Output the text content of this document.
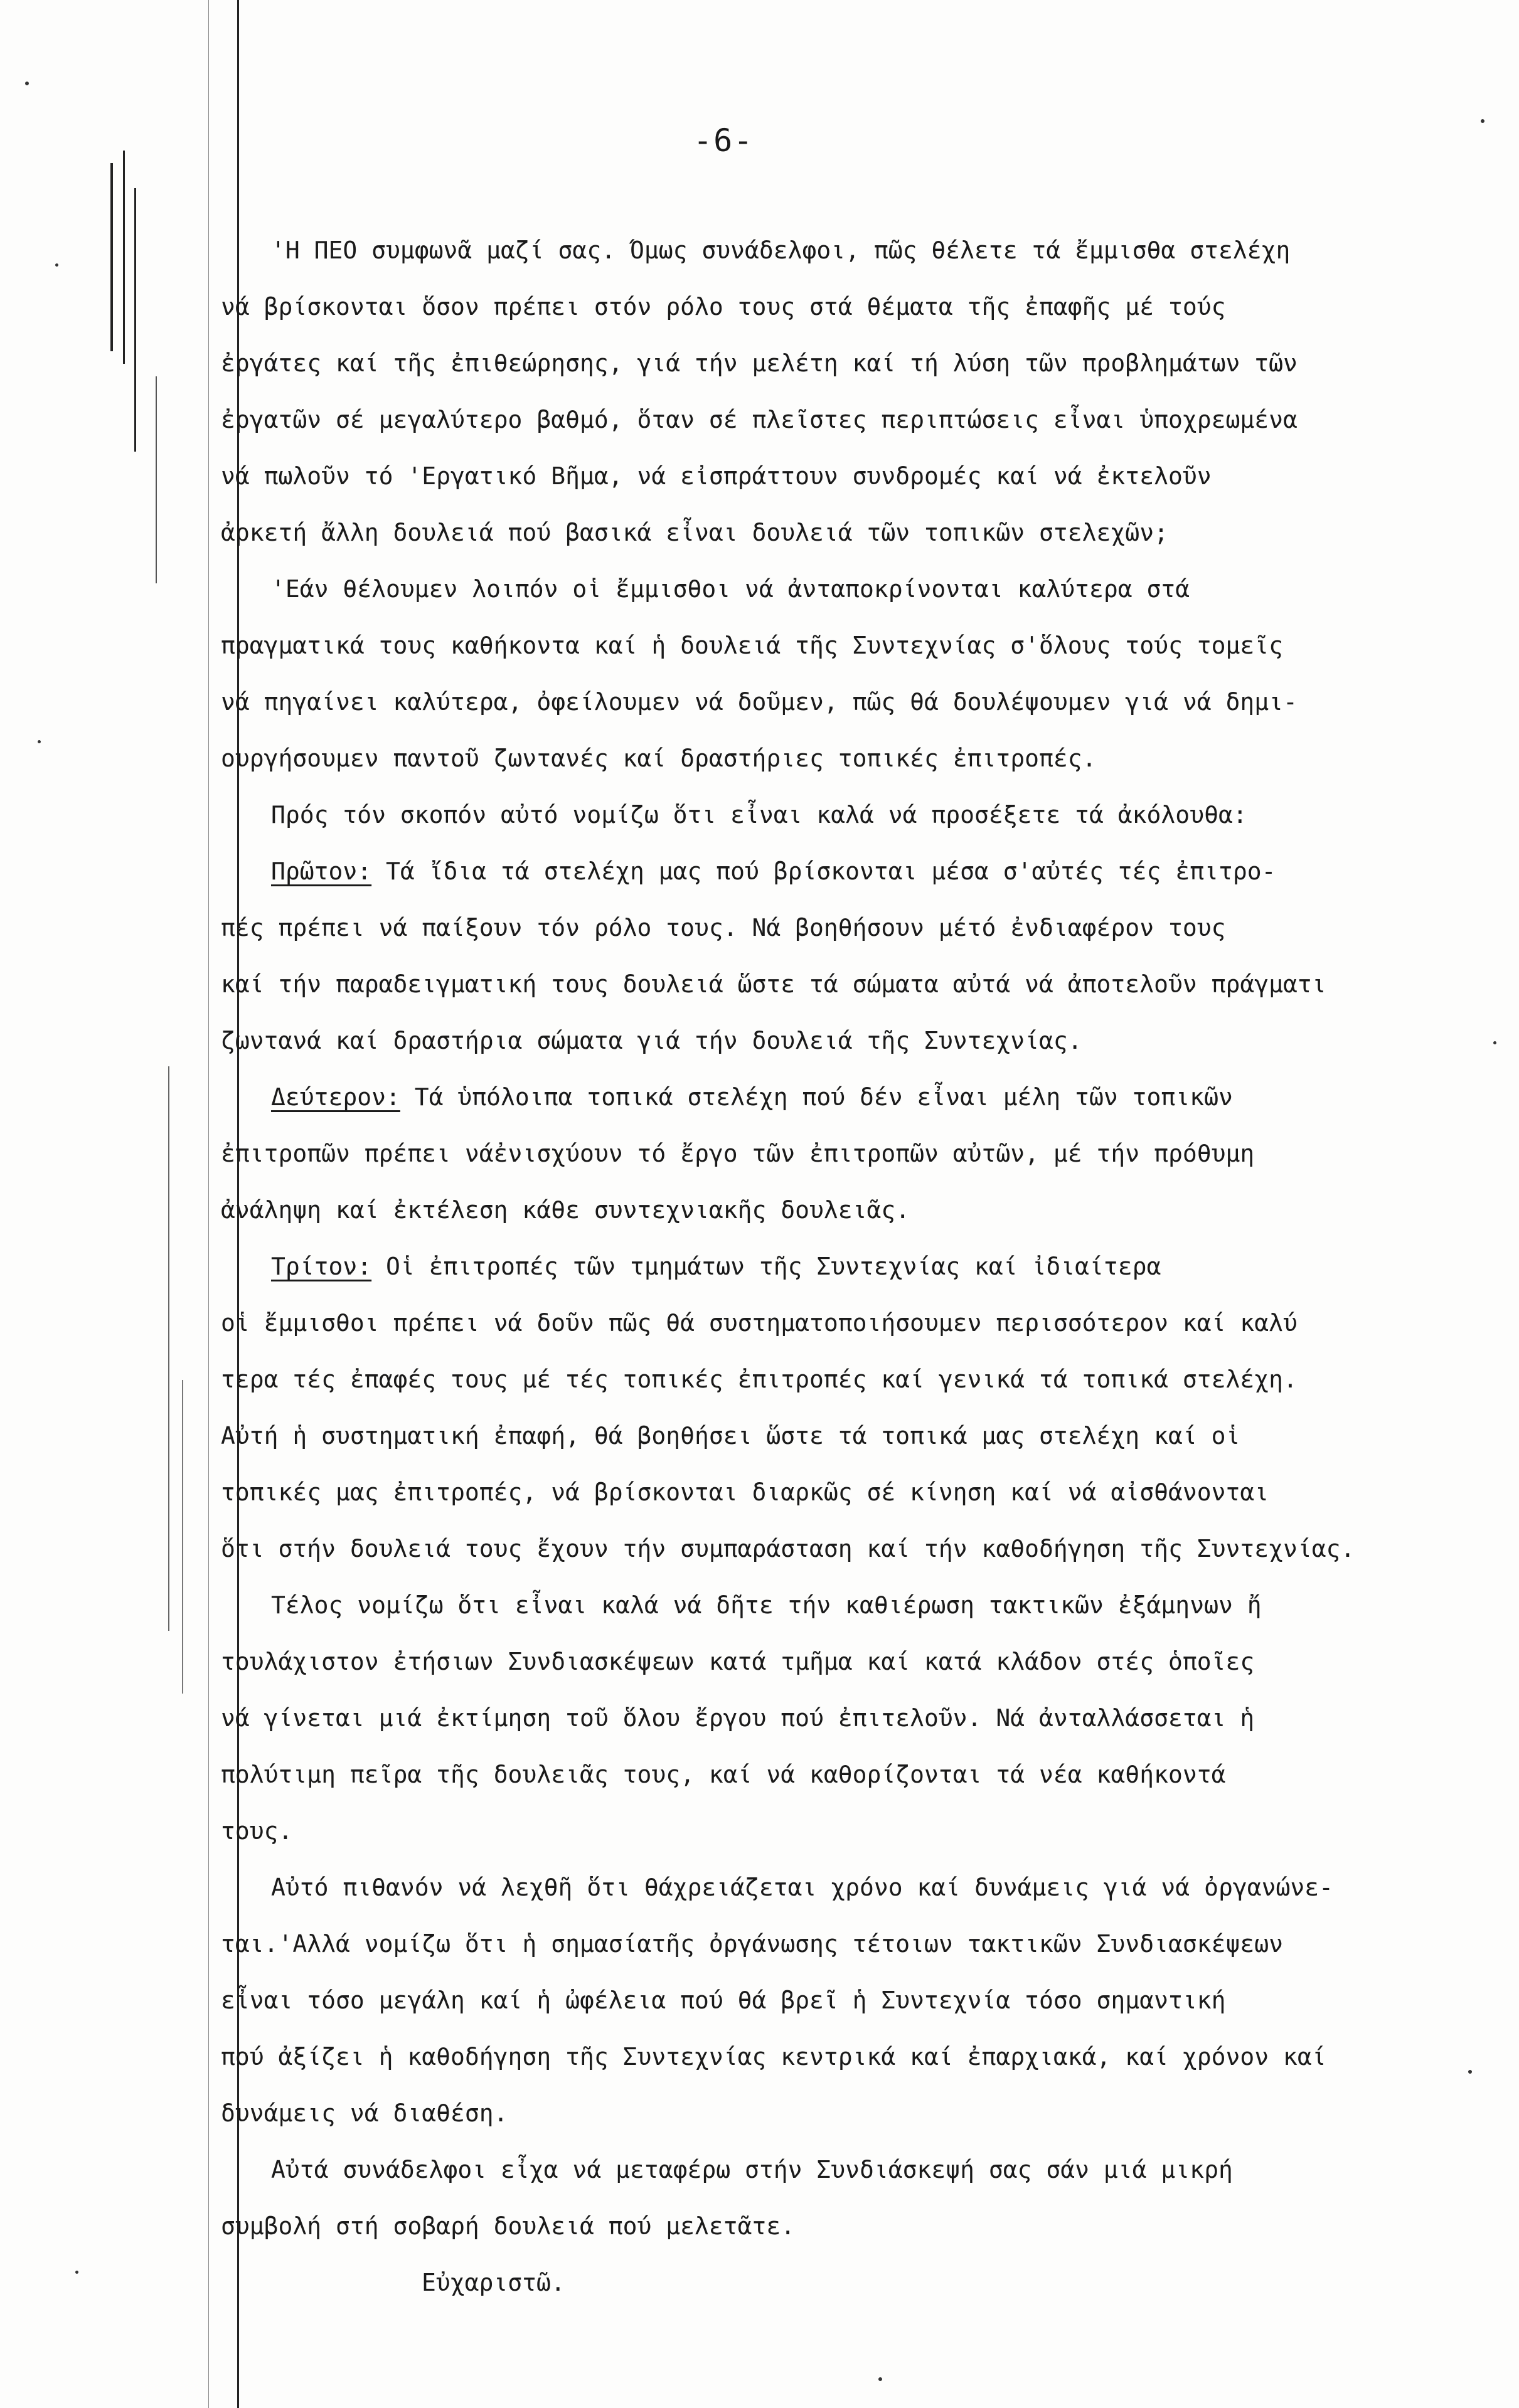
-6-
'Η ΠΕΟ συμφωνᾶ μαζί σας. Όμως συνάδελφοι, πῶς θέλετε τά ἔμμισθα στελέχη
νά βρίσκονται ὅσον πρέπει στόν ρόλο τους στά θέματα τῆς ἐπαφῆς μέ τούς
ἐργάτες καί τῆς ἐπιθεώρησης, γιά τήν μελέτη καί τή λύση τῶν προβλημάτων τῶν
ἐργατῶν σέ μεγαλύτερο βαθμό, ὅταν σέ πλεῖστες περιπτώσεις εἶναι ὑποχρεωμένα
νά πωλοῦν τό 'Εργατικό Βῆμα, νά εἰσπράττουν συνδρομές καί νά ἐκτελοῦν
ἀρκετή ἄλλη δουλειά πού βασικά εἶναι δουλειά τῶν τοπικῶν στελεχῶν;
'Εάν θέλουμεν λοιπόν οἱ ἔμμισθοι νά ἀνταποκρίνονται καλύτερα στά
πραγματικά τους καθήκοντα καί ἡ δουλειά τῆς Συντεχνίας σ'ὅλους τούς τομεῖς
νά πηγαίνει καλύτερα, ὀφείλουμεν νά δοῦμεν, πῶς θά δουλέψουμεν γιά νά δημι-
ουργήσουμεν παντοῦ ζωντανές καί δραστήριες τοπικές ἐπιτροπές.
Πρός τόν σκοπόν αὐτό νομίζω ὅτι εἶναι καλά νά προσέξετε τά ἀκόλουθα:
Πρῶτον: Τά ἴδια τά στελέχη μας πού βρίσκονται μέσα σ'αὐτές τές ἐπιτρο-
πές πρέπει νά παίξουν τόν ρόλο τους. Νά βοηθήσουν μέτό ἐνδιαφέρον τους
καί τήν παραδειγματική τους δουλειά ὥστε τά σώματα αὐτά νά ἀποτελοῦν πράγματι
ζωντανά καί δραστήρια σώματα γιά τήν δουλειά τῆς Συντεχνίας.
Δεύτερον: Τά ὑπόλοιπα τοπικά στελέχη πού δέν εἶναι μέλη τῶν τοπικῶν
ἐπιτροπῶν πρέπει νάἐνισχύουν τό ἔργο τῶν ἐπιτροπῶν αὐτῶν, μέ τήν πρόθυμη
ἀνάληψη καί ἐκτέλεση κάθε συντεχνιακῆς δουλειᾶς.
Τρίτον: Οἱ ἐπιτροπές τῶν τμημάτων τῆς Συντεχνίας καί ἰδιαίτερα
οἱ ἔμμισθοι πρέπει νά δοῦν πῶς θά συστηματοποιήσουμεν περισσότερον καί καλύ
τερα τές ἐπαφές τους μέ τές τοπικές ἐπιτροπές καί γενικά τά τοπικά στελέχη.
Αὐτή ἡ συστηματική ἐπαφή, θά βοηθήσει ὥστε τά τοπικά μας στελέχη καί οἱ
τοπικές μας ἐπιτροπές, νά βρίσκονται διαρκῶς σέ κίνηση καί νά αἰσθάνονται
ὅτι στήν δουλειά τους ἔχουν τήν συμπαράσταση καί τήν καθοδήγηση τῆς Συντεχνίας.
Τέλος νομίζω ὅτι εἶναι καλά νά δῆτε τήν καθιέρωση τακτικῶν ἐξάμηνων ἤ
τουλάχιστον ἐτήσιων Συνδιασκέψεων κατά τμῆμα καί κατά κλάδον στές ὁποῖες
νά γίνεται μιά ἐκτίμηση τοῦ ὅλου ἔργου πού ἐπιτελοῦν. Νά ἀνταλλάσσεται ἡ
πολύτιμη πεῖρα τῆς δουλειᾶς τους, καί νά καθορίζονται τά νέα καθήκοντά
τους.
Αὐτό πιθανόν νά λεχθῆ ὅτι θάχρειάζεται χρόνο καί δυνάμεις γιά νά ὀργανώνε-
ται.'Αλλά νομίζω ὅτι ἡ σημασίατῆς ὀργάνωσης τέτοιων τακτικῶν Συνδιασκέψεων
εἶναι τόσο μεγάλη καί ἡ ὠφέλεια πού θά βρεῖ ἡ Συντεχνία τόσο σημαντική
πού ἀξίζει ἡ καθοδήγηση τῆς Συντεχνίας κεντρικά καί ἐπαρχιακά, καί χρόνον καί
δυνάμεις νά διαθέση.
Αὐτά συνάδελφοι εἶχα νά μεταφέρω στήν Συνδιάσκεψή σας σάν μιά μικρή
συμβολή στή σοβαρή δουλειά πού μελετᾶτε.
Εὐχαριστῶ.
